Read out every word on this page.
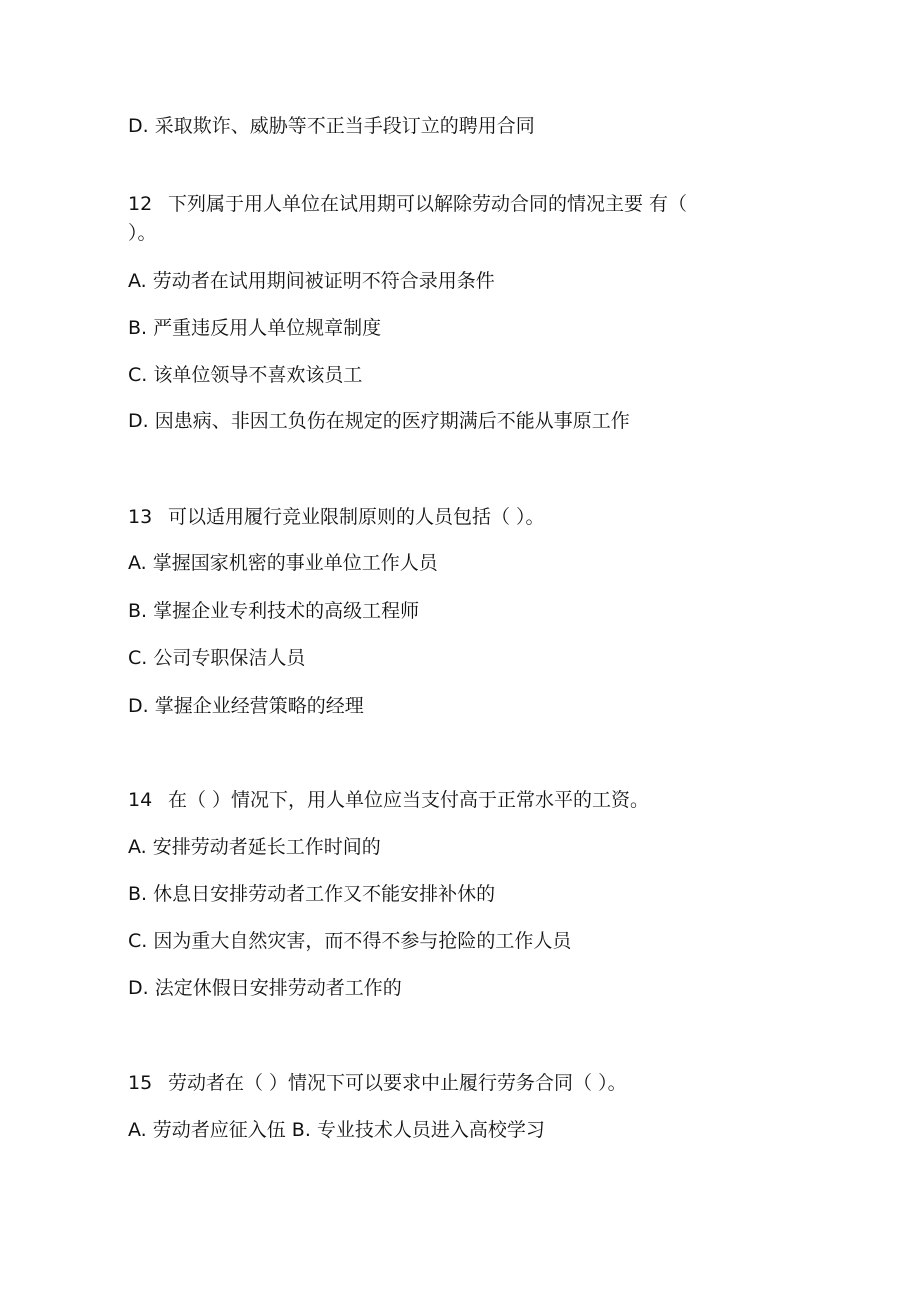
D. 采取欺诈、威胁等不正当手段订立的聘用合同
12 下列属于用人单位在试用期可以解除劳动合同的情况主要 有（
）。
A. 劳动者在试用期间被证明不符合录用条件
B. 严重违反用人单位规章制度
C. 该单位领导不喜欢该员工
D. 因患病、非因工负伤在规定的医疗期满后不能从事原工作
13 可以适用履行竞业限制原则的人员包括（ ）。
A. 掌握国家机密的事业单位工作人员
B. 掌握企业专利技术的高级工程师
C. 公司专职保洁人员
D. 掌握企业经营策略的经理
14 在（ ）情况下，用人单位应当支付高于正常水平的工资。
A. 安排劳动者延长工作时间的
B. 休息日安排劳动者工作又不能安排补休的
C. 因为重大自然灾害，而不得不参与抢险的工作人员
D. 法定休假日安排劳动者工作的
15 劳动者在（ ）情况下可以要求中止履行劳务合同（ ）。
A. 劳动者应征入伍 B. 专业技术人员进入高校学习
